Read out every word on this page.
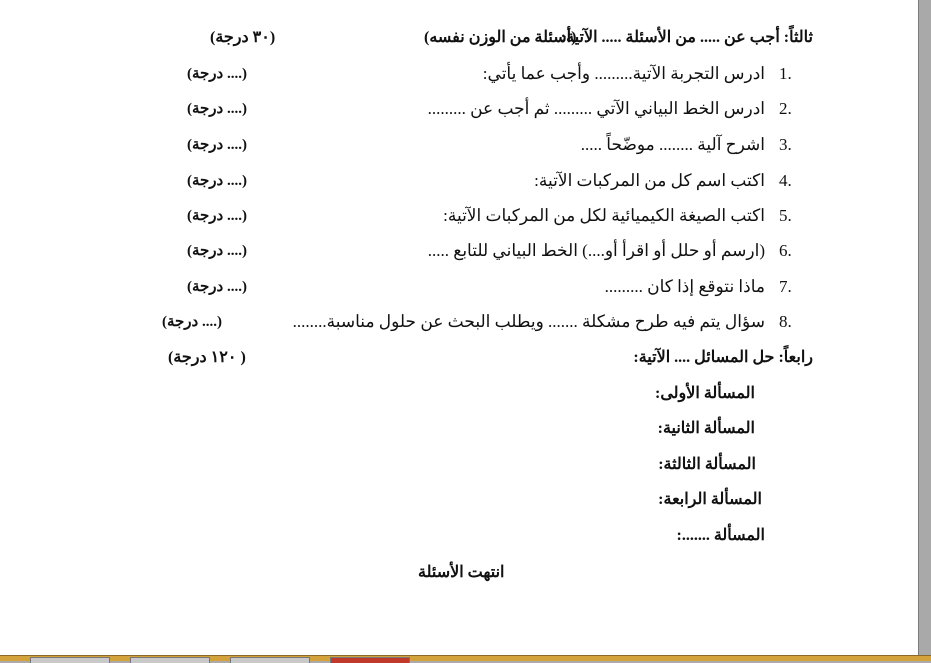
ثالثاً: أجب عن ..... من الأسئلة ..... الآتية:
(أسئلة من الوزن نفسه)
(٣٠ درجة)
1.
ادرس التجربة الآتية......... وأجب عما يأتي:
(.... درجة)
2.
ادرس الخط البياني الآتي ......... ثم أجب عن .........
(.... درجة)
3.
اشرح آلية ........ موضّحاً .....
(.... درجة)
4.
اكتب اسم كل من المركبات الآتية:
(.... درجة)
5.
اكتب الصيغة الكيميائية لكل من المركبات الآتية:
(.... درجة)
6.
(ارسم أو حلل أو اقرأ أو....) الخط البياني للتابع .....
(.... درجة)
7.
ماذا نتوقع إذا كان .........
(.... درجة)
8.
سؤال يتم فيه طرح مشكلة ....... ويطلب البحث عن حلول مناسبة........
(.... درجة)
رابعاً: حل المسائل .... الآتية:
( ١٢٠ درجة)
المسألة الأولى:
المسألة الثانية:
المسألة الثالثة:
المسألة الرابعة:
المسألة .......:
انتهت الأسئلة
